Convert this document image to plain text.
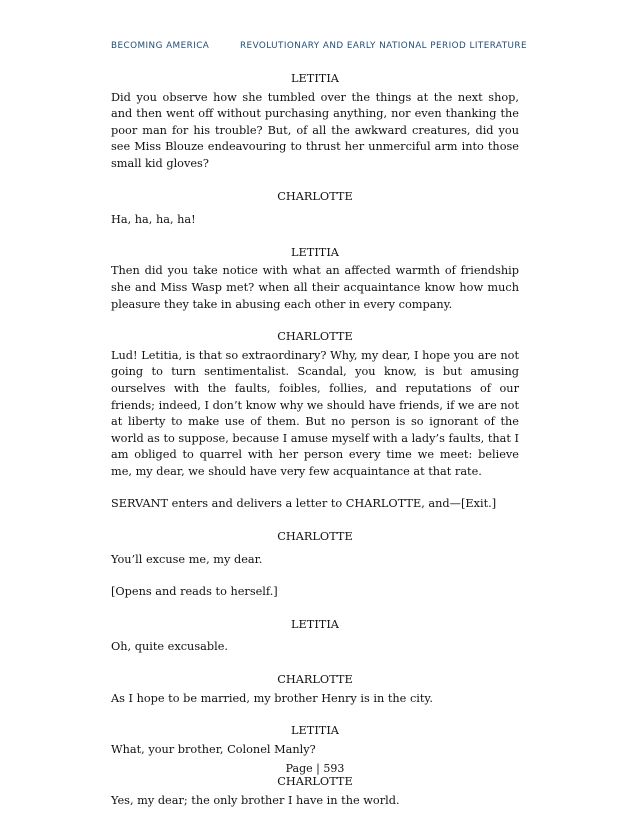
BECOMING AMERICA	REVOLUTIONARY AND EARLY NATIONAL PERIOD LITERATURE

LETITIA

Did you observe how she tumbled over the things at the next shop, and then went off without purchasing anything, nor even thanking the poor man for his trouble? But, of all the awkward creatures, did you see Miss Blouze endeavouring to thrust her unmerciful arm into those small kid gloves?

CHARLOTTE

Ha, ha, ha, ha!

LETITIA

Then did you take notice with what an affected warmth of friendship she and Miss Wasp met? when all their acquaintance know how much pleasure they take in abusing each other in every company.

CHARLOTTE

Lud! Letitia, is that so extraordinary? Why, my dear, I hope you are not going to turn sentimentalist. Scandal, you know, is but amusing ourselves with the faults, foibles, follies, and reputations of our friends; indeed, I don’t know why we should have friends, if we are not at liberty to make use of them. But no person is so ignorant of the world as to suppose, because I amuse myself with a lady’s faults, that I am obliged to quarrel with her person every time we meet: believe me, my dear, we should have very few acquaintance at that rate.

SERVANT enters and delivers a letter to CHARLOTTE, and—[Exit.]

CHARLOTTE

You’ll excuse me, my dear.

[Opens and reads to herself.]

LETITIA

Oh, quite excusable.

CHARLOTTE

As I hope to be married, my brother Henry is in the city.

LETITIA

What, your brother, Colonel Manly?

CHARLOTTE

Yes, my dear; the only brother I have in the world.

Page | 593
